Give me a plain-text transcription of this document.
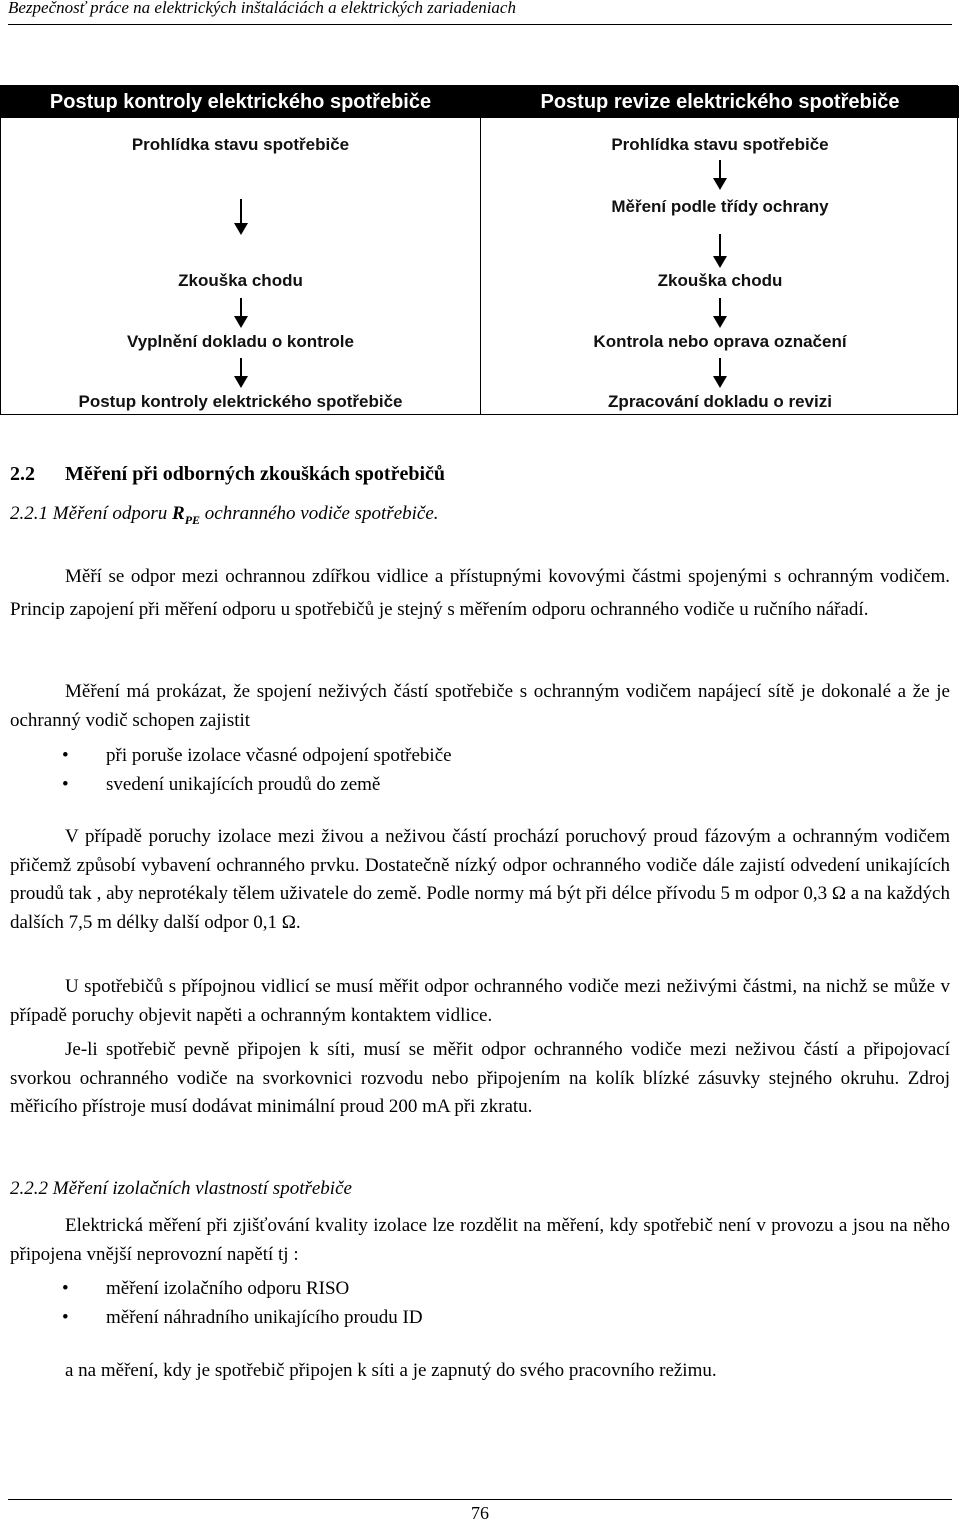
Bezpečnosť práce na elektrických inštaláciách a elektrických zariadeniach
Postup kontroly elektrického spotřebiče
Prohlídka stavu spotřebiče
Zkouška chodu
Vyplnění dokladu o kontrole
Postup kontroly elektrického spotřebiče
Postup revize elektrického spotřebiče
Prohlídka stavu spotřebiče
Měření podle třídy ochrany
Zkouška chodu
Kontrola nebo oprava označení
Zpracování dokladu o revizi
2.2 Měření při odborných zkouškách spotřebičů
2.2.1 Měření odporu $R_{PE}$ ochranného vodiče spotřebiče.
Měří se odpor mezi ochrannou zdířkou vidlice a přístupnými kovovými částmi spojenými s ochranným vodičem. Princip zapojení při měření odporu u spotřebičů je stejný s měřením odporu ochranného vodiče u ručního nářadí.
Měření má prokázat, že spojení neživých částí spotřebiče s ochranným vodičem napájecí sítě je dokonalé a že je ochranný vodič schopen zajistit
• při poruše izolace včasné odpojení spotřebiče
• svedení unikajících proudů do země
V případě poruchy izolace mezi živou a neživou částí prochází poruchový proud fázovým a ochranným vodičem přičemž způsobí vybavení ochranného prvku. Dostatečně nízký odpor ochranného vodiče dále zajistí odvedení unikajících proudů tak , aby neprotékaly tělem uživatele do země. Podle normy má být při délce přívodu 5 m odpor 0,3 Ω a na každých dalších 7,5 m délky další odpor 0,1 Ω.
U spotřebičů s přípojnou vidlicí se musí měřit odpor ochranného vodiče mezi neživými částmi, na nichž se může v případě poruchy objevit napěti a ochranným kontaktem vidlice.
Je-li spotřebič pevně připojen k síti, musí se měřit odpor ochranného vodiče mezi neživou částí a připojovací svorkou ochranného vodiče na svorkovnici rozvodu nebo připojením na kolík blízké zásuvky stejného okruhu. Zdroj měřicího přístroje musí dodávat minimální proud 200 mA při zkratu.
2.2.2 Měření izolačních vlastností spotřebiče
Elektrická měření při zjišťování kvality izolace lze rozdělit na měření, kdy spotřebič není v provozu a jsou na něho připojena vnější neprovozní napětí tj :
• měření izolačního odporu RISO
• měření náhradního unikajícího proudu ID
a na měření, kdy je spotřebič připojen k síti a je zapnutý do svého pracovního režimu.
76
